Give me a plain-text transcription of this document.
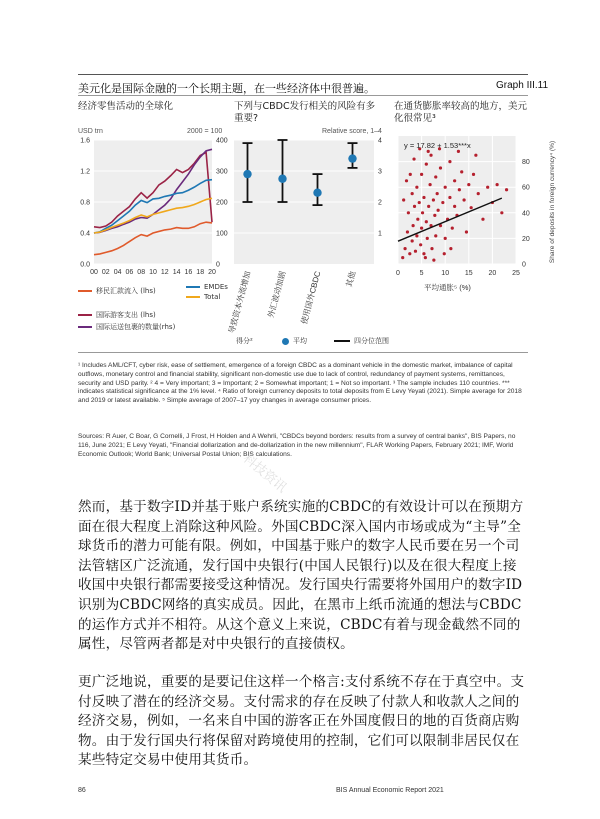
美元化是国际金融的一个长期主题，在一些经济体中很普遍。	Graph III.11
经济零售活动的全球化	下列与CBDC发行相关的风险有多重要?
在通货膨胀率较高的地方，美元化很常见³
USD trn	2000 = 100	Relative score, 1–4
0.0
0.4
0.8
1.2
1.6
0
100
200
300
400
00 02 04 06 08 10 12 14 16 18 20
移民汇款流入 (lhs)	EMDEs
Total
国际游客支出 (lhs)
国际运送包裹的数量(rhs)
1
2
3
4
导致资本外流增加 外汇波动加剧 使用国外CBDC	其他
得分²	平均	四分位范围
0
20
40
60
80
0	5	10 15 20 25
y = 17.82 + 1.53***x	Share of deposits in foreign currency⁴ (%)
平均通胀⁵ (%)
¹ Includes AML/CFT, cyber risk, ease of settlement, emergence of a foreign CBDC as a dominant vehicle in the domestic market, imbalance of capital outflows, monetary control and financial stability, significant non-domestic use due to lack of control, redundancy of payment systems, remittances, security and USD parity. ² 4 = Very important; 3 = Important; 2 = Somewhat important; 1 = Not so important. ³ The sample includes 110 countries. *** indicates statistical significance at the 1% level. ⁴ Ratio of foreign currency deposits to total deposits from E Levy Yeyati (2021). Simple average for 2018 and 2019 or latest available. ⁵ Simple average of 2007–17 yoy changes in average consumer prices.
Sources: R Auer, C Boar, G Cornelli, J Frost, H Holden and A Wehrli, "CBDCs beyond borders: results from a survey of central banks", BIS Papers, no 116, June 2021; E Levy Yeyati, "Financial dollarization and de-dollarization in the new millennium", FLAR Working Papers, February 2021; IMF, World Economic Outlook; World Bank; Universal Postal Union; BIS calculations.
科技资讯
然而，基于数字ID并基于账户系统实施的CBDC的有效设计可以在预期方面在很大程度上消除这种风险。外国CBDC深入国内市场或成为“主导”全球货币的潜力可能有限。例如，中国基于账户的数字人民币要在另一个司法管辖区广泛流通，发行国中央银行(中国人民银行)以及在很大程度上接收国中央银行都需要接受这种情况。发行国央行需要将外国用户的数字ID识别为CBDC网络的真实成员。因此，在黑市上纸币流通的想法与CBDC的运作方式并不相符。从这个意义上来说，CBDC有着与现金截然不同的属性，尽管两者都是对中央银行的直接债权。
更广泛地说，重要的是要记住这样一个格言:支付系统不存在于真空中。支付反映了潜在的经济交易。支付需求的存在反映了付款人和收款人之间的经济交易，例如，一名来自中国的游客正在外国度假日的地的百货商店购物。由于发行国央行将保留对跨境使用的控制，它们可以限制非居民仅在某些特定交易中使用其货币。
86	BIS Annual Economic Report 2021
